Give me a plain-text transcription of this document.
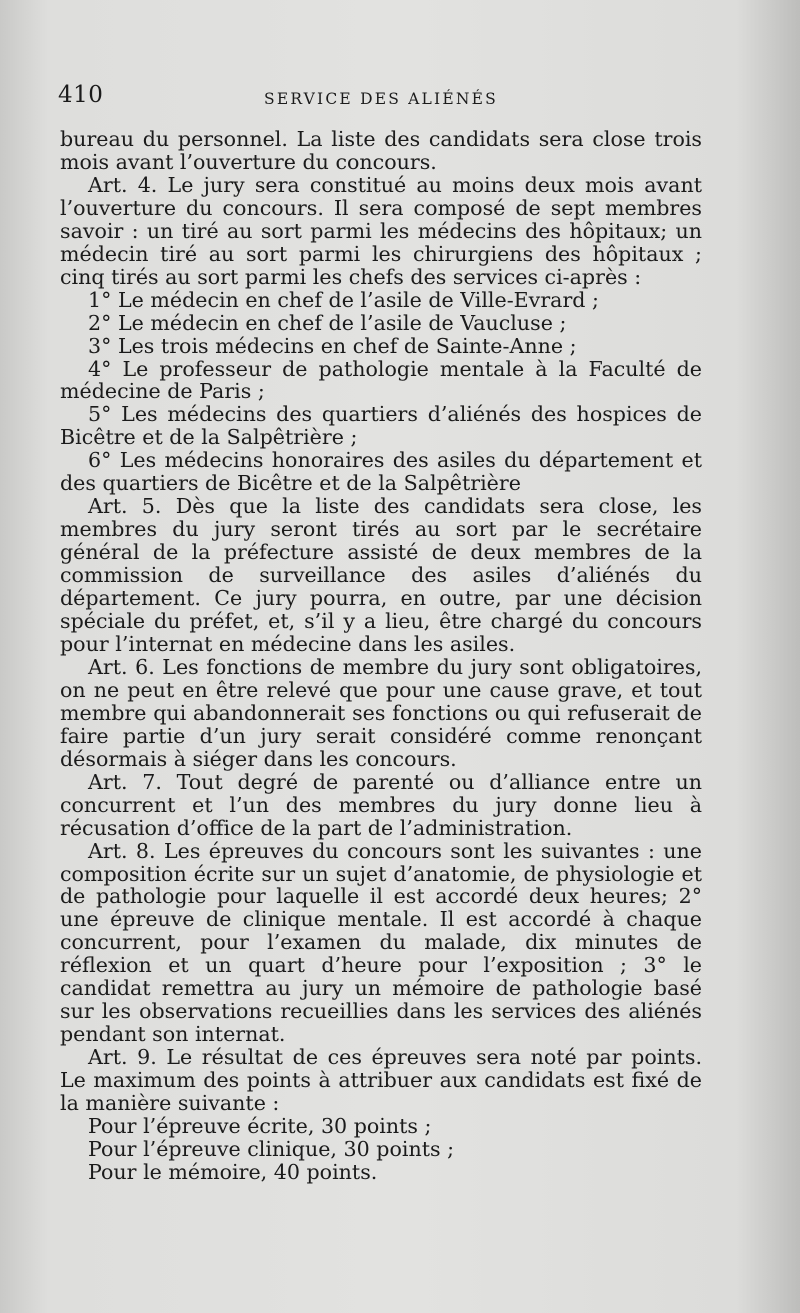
410	SERVICE DES ALIÉNÉS

bureau du personnel. La liste des candidats sera close trois mois avant l’ouverture du concours.

Art. 4. Le jury sera constitué au moins deux mois avant l’ouverture du concours. Il sera composé de sept membres savoir : un tiré au sort parmi les médecins des hôpitaux; un médecin tiré au sort parmi les chirurgiens des hôpitaux ; cinq tirés au sort parmi les chefs des services ci-après :

1° Le médecin en chef de l’asile de Ville-Evrard ;

2° Le médecin en chef de l’asile de Vaucluse ;

3° Les trois médecins en chef de Sainte-Anne ;

4° Le professeur de pathologie mentale à la Faculté de médecine de Paris ;

5° Les médecins des quartiers d’aliénés des hospices de Bicêtre et de la Salpêtrière ;

6° Les médecins honoraires des asiles du département et des quartiers de Bicêtre et de la Salpêtrière

Art. 5. Dès que la liste des candidats sera close, les membres du jury seront tirés au sort par le secrétaire général de la préfecture assisté de deux membres de la commission de surveillance des asiles d’aliénés du département. Ce jury pourra, en outre, par une décision spéciale du préfet, et, s’il y a lieu, être chargé du concours pour l’internat en médecine dans les asiles.

Art. 6. Les fonctions de membre du jury sont obligatoires, on ne peut en être relevé que pour une cause grave, et tout membre qui abandonnerait ses fonctions ou qui refuserait de faire partie d’un jury serait considéré comme renonçant désormais à siéger dans les concours.

Art. 7. Tout degré de parenté ou d’alliance entre un concurrent et l’un des membres du jury donne lieu à récusation d’office de la part de l’administration.

Art. 8. Les épreuves du concours sont les suivantes : une composition écrite sur un sujet d’anatomie, de physiologie et de pathologie pour laquelle il est accordé deux heures; 2° une épreuve de clinique mentale. Il est accordé à chaque concurrent, pour l’examen du malade, dix minutes de réflexion et un quart d’heure pour l’exposition ; 3° le candidat remettra au jury un mémoire de pathologie basé sur les observations recueillies dans les services des aliénés pendant son internat.

Art. 9. Le résultat de ces épreuves sera noté par points. Le maximum des points à attribuer aux candidats est fixé de la manière suivante :

Pour l’épreuve écrite, 30 points ;

Pour l’épreuve clinique, 30 points ;

Pour le mémoire, 40 points.
